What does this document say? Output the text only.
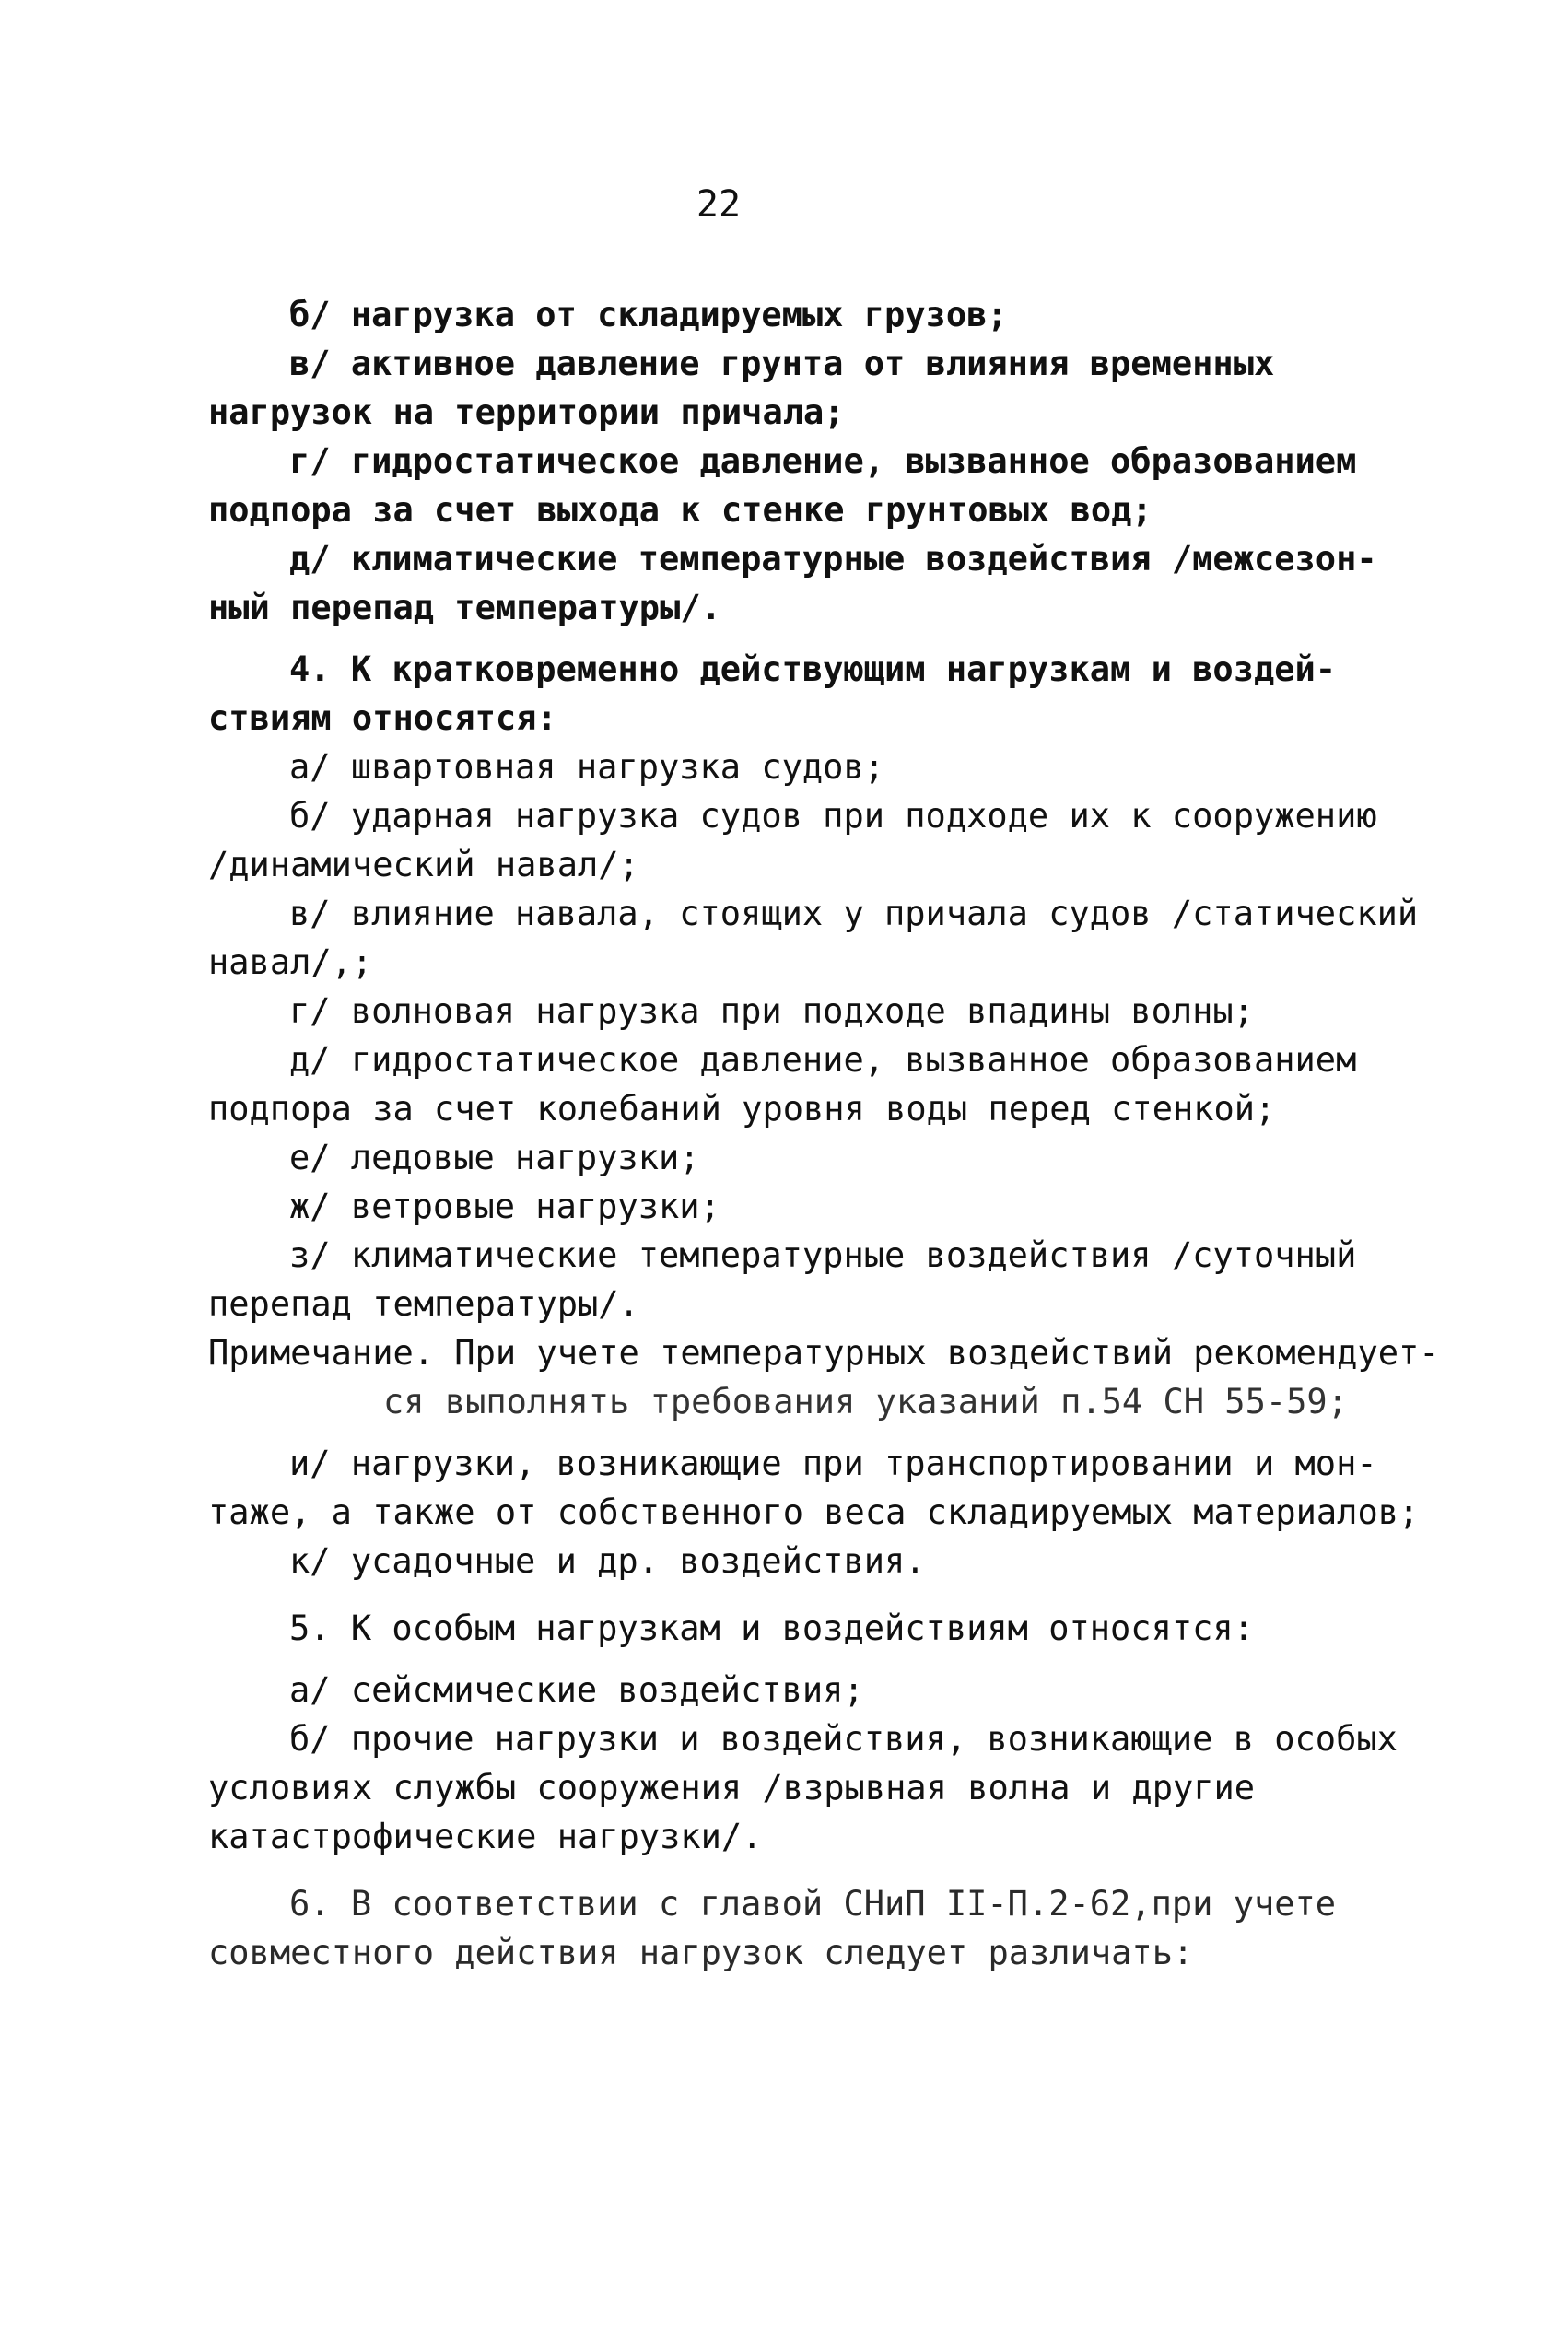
22

б/ нагрузка от складируемых грузов;

в/ активное давление грунта от влияния временных

нагрузок на территории причала;

г/ гидростатическое давление, вызванное образованием

подпора за счет выхода к стенке грунтовых вод;

д/ климатические температурные воздействия /межсезон-

ный перепад температуры/.

4. К кратковременно действующим нагрузкам и воздей-

ствиям относятся:

а/ швартовная нагрузка судов;

б/ ударная нагрузка судов при подходе их к сооружению

/динамический навал/;

в/ влияние навала, стоящих у причала судов /статический

навал/,;

г/ волновая нагрузка при подходе впадины волны;

д/ гидростатическое давление, вызванное образованием

подпора за счет колебаний уровня воды перед стенкой;

е/ ледовые нагрузки;

ж/ ветровые нагрузки;

з/ климатические температурные воздействия /суточный

перепад температуры/.

Примечание. При учете температурных воздействий рекомендует-

ся выполнять требования указаний п.54 СН 55-59;

и/ нагрузки, возникающие при транспортировании и мон-

таже, а также от собственного веса складируемых материалов;

к/ усадочные и др. воздействия.

5. К особым нагрузкам и воздействиям относятся:

а/ сейсмические воздействия;

б/ прочие нагрузки и воздействия, возникающие в особых

условиях службы сооружения /взрывная волна и другие

катастрофические нагрузки/.

6. В соответствии с главой СНиП II-П.2-62,при учете

совместного действия нагрузок следует различать:
